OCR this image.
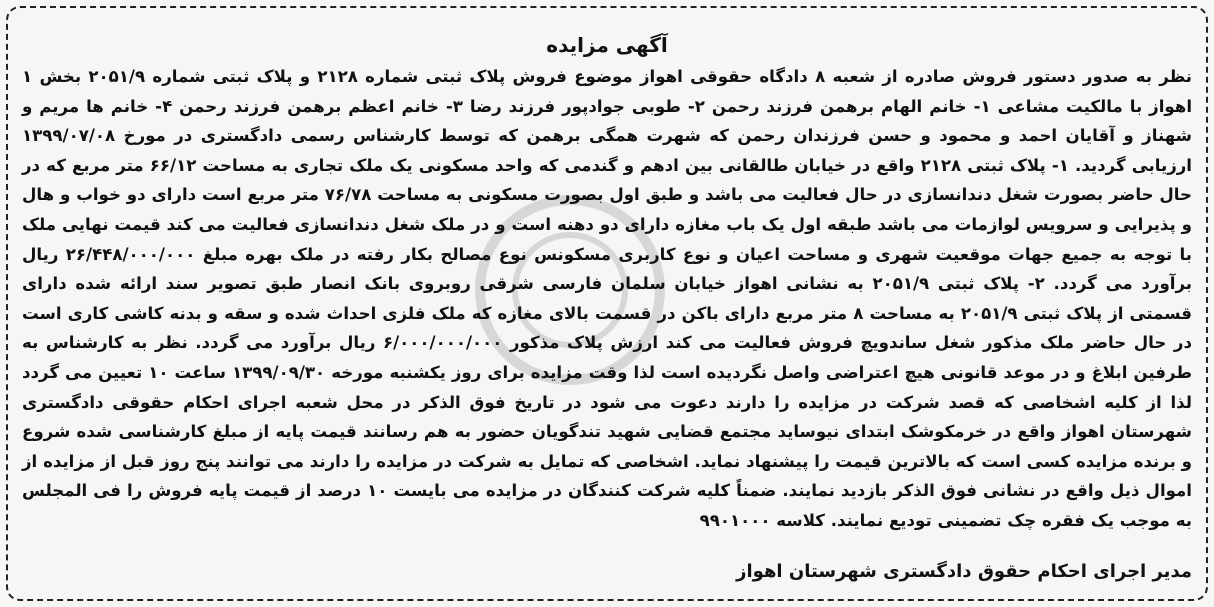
آگهی مزایده

نظر به صدور دستور فروش صادره از شعبه ۸ دادگاه حقوقی اهواز موضوع فروش پلاک ثبتی شماره ۲۱۲۸ و پلاک ثبتی شماره ۲۰۵۱/۹ بخش ۱ اهواز با مالکیت مشاعی ۱- خانم الهام برهمن فرزند رحمن ۲- طوبی جوادپور فرزند رضا ۳- خانم اعظم برهمن فرزند رحمن ۴- خانم ها مریم و شهناز و آقایان احمد و محمود و حسن فرزندان رحمن که شهرت همگی برهمن که توسط کارشناس رسمی دادگستری در مورخ ۱۳۹۹/۰۷/۰۸ ارزیابی گردید. ۱- پلاک ثبتی ۲۱۲۸ واقع در خیابان طالقانی بین ادهم و گندمی که واحد مسکونی یک ملک تجاری به مساحت ۶۶/۱۲ متر مربع که در حال حاضر بصورت شغل دندانسازی در حال فعالیت می باشد و طبق اول بصورت مسکونی به مساحت ۷۶/۷۸ متر مربع است دارای دو خواب و هال و پذیرایی و سرویس لوازمات می باشد طبقه اول یک باب مغازه دارای دو دهنه است و در ملک شغل دندانسازی فعالیت می کند قیمت نهایی ملک با توجه به جمیع جهات موقعیت شهری و مساحت اعیان و نوع کاربری مسکونس نوع مصالح بکار رفته در ملک بهره مبلغ ۲۶/۴۴۸/۰۰۰/۰۰۰ ریال برآورد می گردد. ۲- پلاک ثبتی ۲۰۵۱/۹ به نشانی اهواز خیابان سلمان فارسی شرقی روبروی بانک انصار طبق تصویر سند ارائه شده دارای قسمتی از پلاک ثبتی ۲۰۵۱/۹ به مساحت ۸ متر مربع دارای باکن در قسمت بالای مغازه که ملک فلزی احداث شده و سقه و بدنه کاشی کاری است در حال حاضر ملک مذکور شغل ساندویچ فروش فعالیت می کند ارزش پلاک مذکور ۶/۰۰۰/۰۰۰/۰۰۰ ریال برآورد می گردد. نظر به کارشناس به طرفین ابلاغ و در موعد قانونی هیچ اعتراضی واصل نگردیده است لذا وقت مزایده برای روز یکشنبه مورخه ۱۳۹۹/۰۹/۳۰ ساعت ۱۰ تعیین می گردد لذا از کلیه اشخاصی که قصد شرکت در مزایده را دارند دعوت می شود در تاریخ فوق الذکر در محل شعبه اجرای احکام حقوقی دادگستری شهرستان اهواز واقع در خرمکوشک ابتدای نیوساید مجتمع قضایی شهید تندگویان حضور به هم رسانند قیمت پایه از مبلغ کارشناسی شده شروع و برنده مزایده کسی است که بالاترین قیمت را پیشنهاد نماید. اشخاصی که تمایل به شرکت در مزایده را دارند می توانند پنج روز قبل از مزایده از اموال ذیل واقع در نشانی فوق الذکر بازدید نمایند. ضمناً کلیه شرکت کنندگان در مزایده می بایست ۱۰ درصد از قیمت پایه فروش را فی المجلس به موجب یک فقره چک تضمینی تودیع نمایند. کلاسه ۹۹۰۱۰۰۰

مدیر اجرای احکام حقوق دادگستری شهرستان اهواز
